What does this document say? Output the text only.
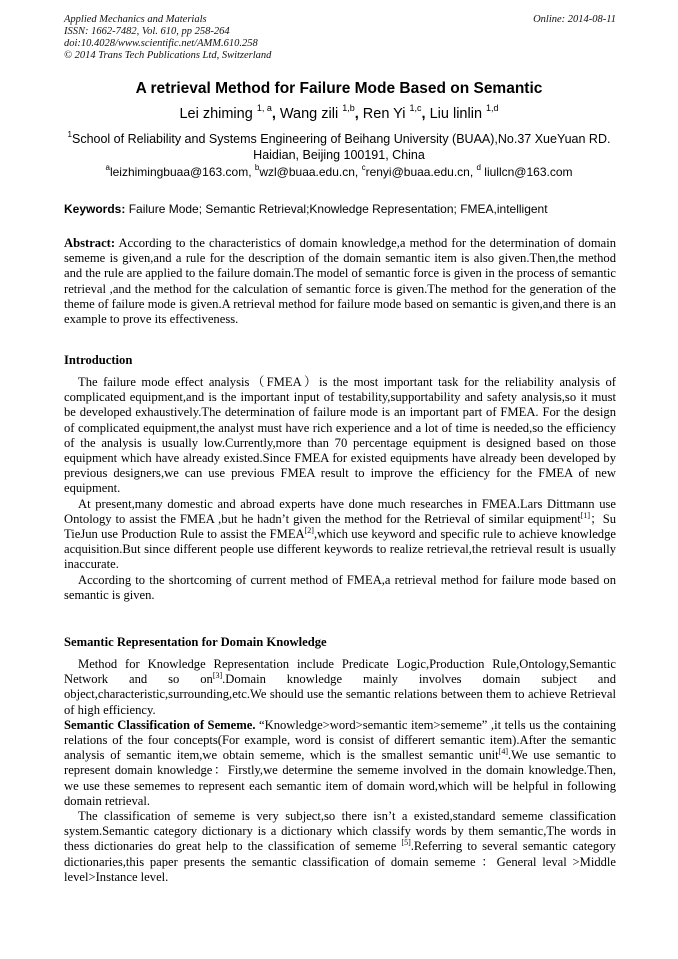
Applied Mechanics and Materials
ISSN: 1662-7482, Vol. 610, pp 258-264
doi:10.4028/www.scientific.net/AMM.610.258
© 2014 Trans Tech Publications Ltd, Switzerland
Online: 2014-08-11
A retrieval Method for Failure Mode Based on Semantic
Lei zhiming $^{1, a}$, Wang zili $^{1,b}$, Ren Yi $^{1,c}$, Liu linlin $^{1,d}$
$^1$School of Reliability and Systems Engineering of Beihang University (BUAA),No.37 XueYuan RD. Haidian, Beijing 100191, China
$^a$leizhimingbuaa@163.com, $^b$wzl@buaa.edu.cn, $^c$renyi@buaa.edu.cn, $^d$ liullcn@163.com
Keywords: Failure Mode; Semantic Retrieval;Knowledge Representation; FMEA,intelligent

Abstract: According to the characteristics of domain knowledge,a method for the determination of domain sememe is given,and a rule for the description of the domain semantic item is also given.Then,the method and the rule are applied to the failure domain.The model of semantic force is given in the process of semantic retrieval ,and the method for the calculation of semantic force is given.The method for the generation of the theme of failure mode is given.A retrieval method for failure mode based on semantic is given,and there is an example to prove its effectiveness.

Introduction

The failure mode effect analysis（FMEA）is the most important task for the reliability analysis of complicated equipment,and is the important input of testability,supportability and safety analysis,so it must be developed exhaustively.The determination of failure mode is an important part of FMEA. For the design of complicated equipment,the analyst must have rich experience and a lot of time is needed,so the efficiency of the analysis is usually low.Currently,more than 70 percentage equipment is designed based on those equipment which have already existed.Since FMEA for existed equipments have already been developed by previous designers,we can use previous FMEA result to improve the efficiency for the FMEA of new equipment.

At present,many domestic and abroad experts have done much researches in FMEA.Lars Dittmann use Ontology to assist the FMEA ,but he hadn’t given the method for the Retrieval of similar equipment[1]；Su TieJun use Production Rule to assist the FMEA[2],which use keyword and specific rule to achieve knowledge acquisition.But since different people use different keywords to realize retrieval,the retrieval result is usually inaccurate.

According to the shortcoming of current method of FMEA,a retrieval method for failure mode based on semantic is given.

Semantic Representation for Domain Knowledge

Method for Knowledge Representation include Predicate Logic,Production Rule,Ontology,Semantic Network and so on[3].Domain knowledge mainly involves domain subject and object,characteristic,surrounding,etc.We should use the semantic relations between them to achieve Retrieval of high efficiency.

Semantic Classification of Sememe. “Knowledge>word>semantic item>sememe” ,it tells us the containing relations of the four concepts(For example, word is consist of differert semantic item).After the semantic analysis of semantic item,we obtain sememe, which is the smallest semantic unit[4].We use semantic to represent domain knowledge：Firstly,we determine the sememe involved in the domain knowledge.Then, we use these sememes to represent each semantic item of domain word,which will be helpful in following domain retrieval.

The classification of sememe is very subject,so there isn’t a existed,standard sememe classification system.Semantic category dictionary is a dictionary which classify words by them semantic,The words in thess dictionaries do great help to the classification of sememe [5].Referring to several semantic category dictionaries,this paper presents the semantic classification of domain sememe ：General leval >Middle level>Instance level.
